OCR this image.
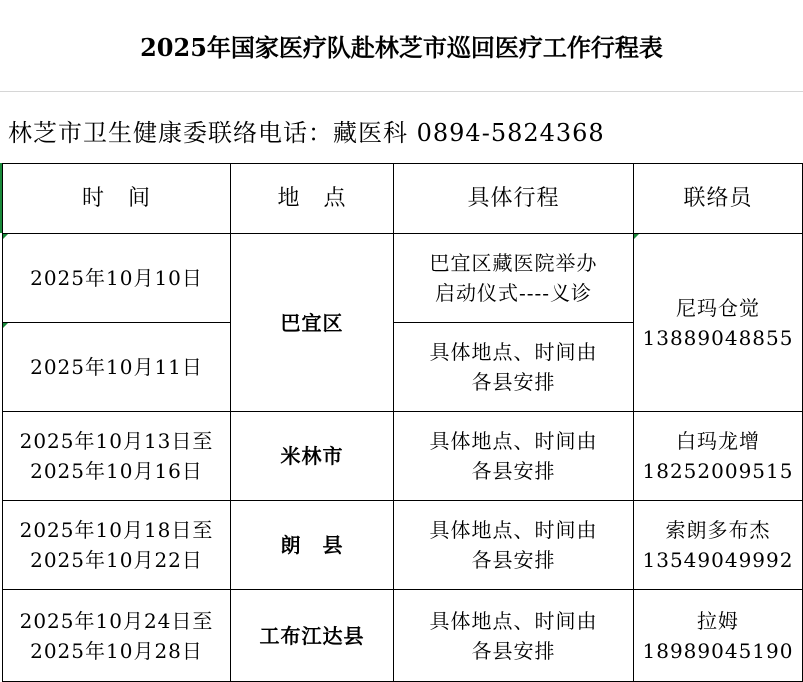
2025年国家医疗队赴林芝市巡回医疗工作行程表
林芝市卫生健康委联络电话：藏医科 0894-5824368
时　间	地　点	具体行程	联络员

2025年10月10日	巴宜区	巴宜区藏医院举办
启动仪式----义诊	尼玛仓觉
13889048855

2025年10月11日		具体地点、时间由
各县安排	

2025年10月13日至
2025年10月16日	米林市	具体地点、时间由
各县安排	白玛龙增
18252009515

2025年10月18日至
2025年10月22日	朗　县	具体地点、时间由
各县安排	索朗多布杰
13549049992

2025年10月24日至
2025年10月28日	工布江达县	具体地点、时间由
各县安排	拉姆
18989045190
